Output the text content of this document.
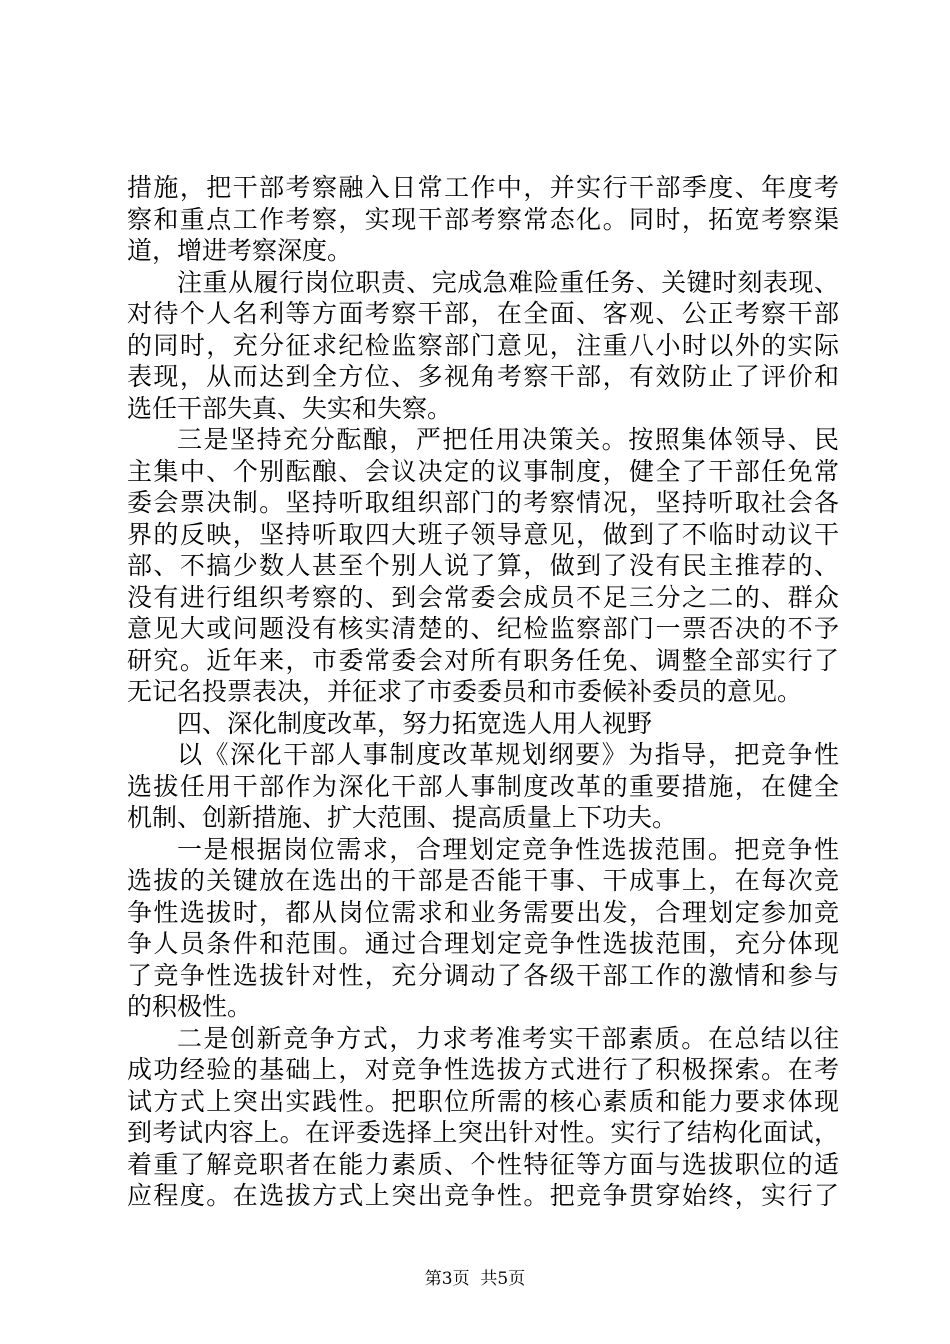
措施，把干部考察融入日常工作中，并实行干部季度、年度考
察和重点工作考察，实现干部考察常态化。同时，拓宽考察渠
道，增进考察深度。
注重从履行岗位职责、完成急难险重任务、关键时刻表现、
对待个人名利等方面考察干部，在全面、客观、公正考察干部
的同时，充分征求纪检监察部门意见，注重八小时以外的实际
表现，从而达到全方位、多视角考察干部，有效防止了评价和
选任干部失真、失实和失察。
三是坚持充分酝酿，严把任用决策关。按照集体领导、民
主集中、个别酝酿、会议决定的议事制度，健全了干部任免常
委会票决制。坚持听取组织部门的考察情况，坚持听取社会各
界的反映，坚持听取四大班子领导意见，做到了不临时动议干
部、不搞少数人甚至个别人说了算，做到了没有民主推荐的、
没有进行组织考察的、到会常委会成员不足三分之二的、群众
意见大或问题没有核实清楚的、纪检监察部门一票否决的不予
研究。近年来，市委常委会对所有职务任免、调整全部实行了
无记名投票表决，并征求了市委委员和市委候补委员的意见。
四、深化制度改革，努力拓宽选人用人视野
以《深化干部人事制度改革规划纲要》为指导，把竞争性
选拔任用干部作为深化干部人事制度改革的重要措施，在健全
机制、创新措施、扩大范围、提高质量上下功夫。
一是根据岗位需求，合理划定竞争性选拔范围。把竞争性
选拔的关键放在选出的干部是否能干事、干成事上，在每次竞
争性选拔时，都从岗位需求和业务需要出发，合理划定参加竞
争人员条件和范围。通过合理划定竞争性选拔范围，充分体现
了竞争性选拔针对性，充分调动了各级干部工作的激情和参与
的积极性。
二是创新竞争方式，力求考准考实干部素质。在总结以往
成功经验的基础上，对竞争性选拔方式进行了积极探索。在考
试方式上突出实践性。把职位所需的核心素质和能力要求体现
到考试内容上。在评委选择上突出针对性。实行了结构化面试，
着重了解竞职者在能力素质、个性特征等方面与选拔职位的适
应程度。在选拔方式上突出竞争性。把竞争贯穿始终，实行了
第3页 共5页
